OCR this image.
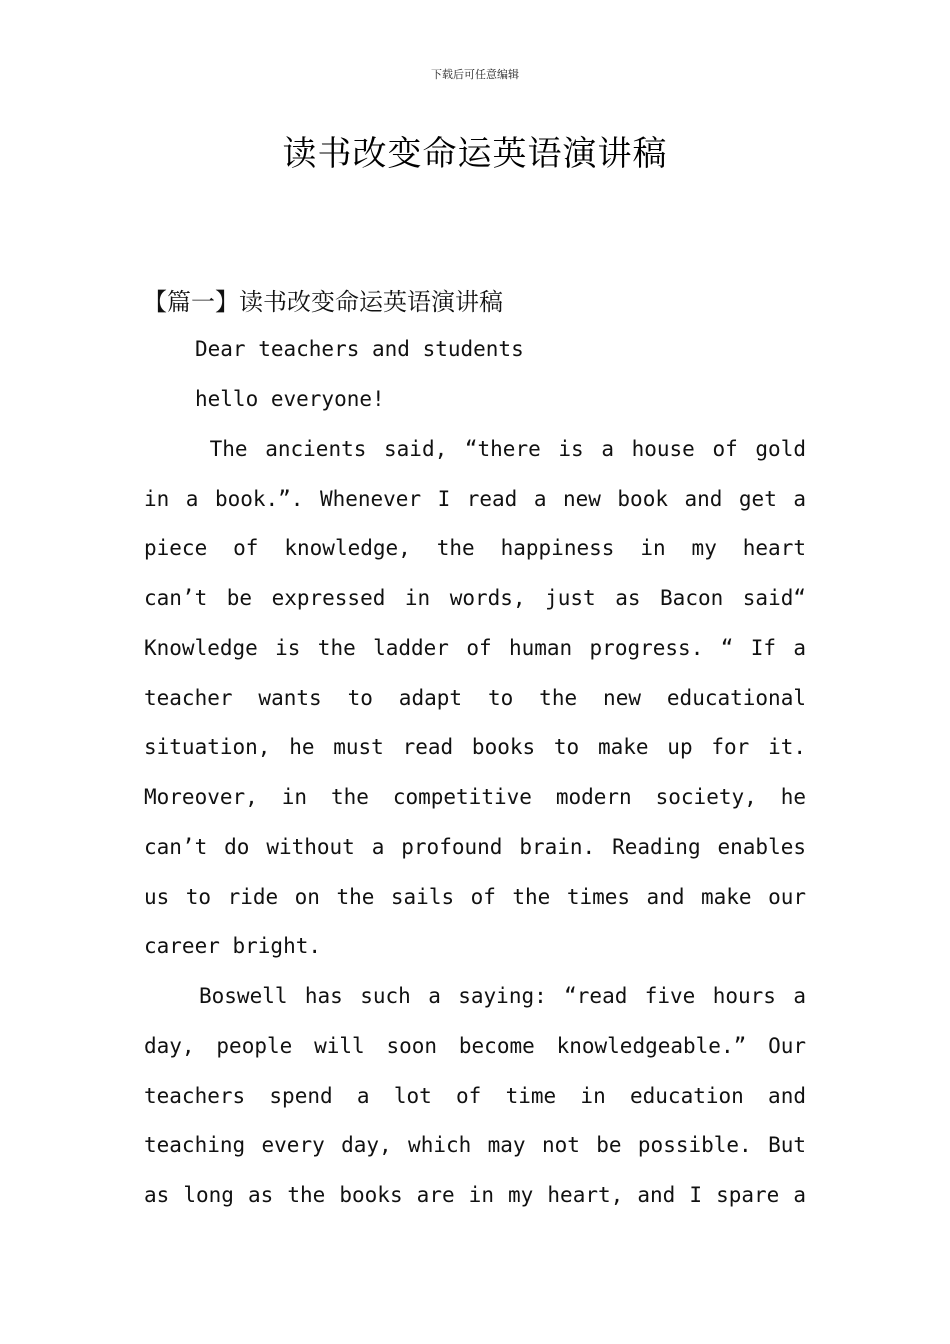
下载后可任意编辑
读书改变命运英语演讲稿
【篇一】读书改变命运英语演讲稿
Dear teachers and students
hello everyone!
The ancients said, “there is a house of gold
in a book.”. Whenever I read a new book and get a
piece of knowledge, the happiness in my heart
can’t be expressed in words, just as Bacon said“
Knowledge is the ladder of human progress. “ If a
teacher wants to adapt to the new educational
situation, he must read books to make up for it.
Moreover, in the competitive modern society, he
can’t do without a profound brain. Reading enables
us to ride on the sails of the times and make our
career bright.
Boswell has such a saying: “read five hours a
day, people will soon become knowledgeable.” Our
teachers spend a lot of time in education and
teaching every day, which may not be possible. But
as long as the books are in my heart, and I spare a
